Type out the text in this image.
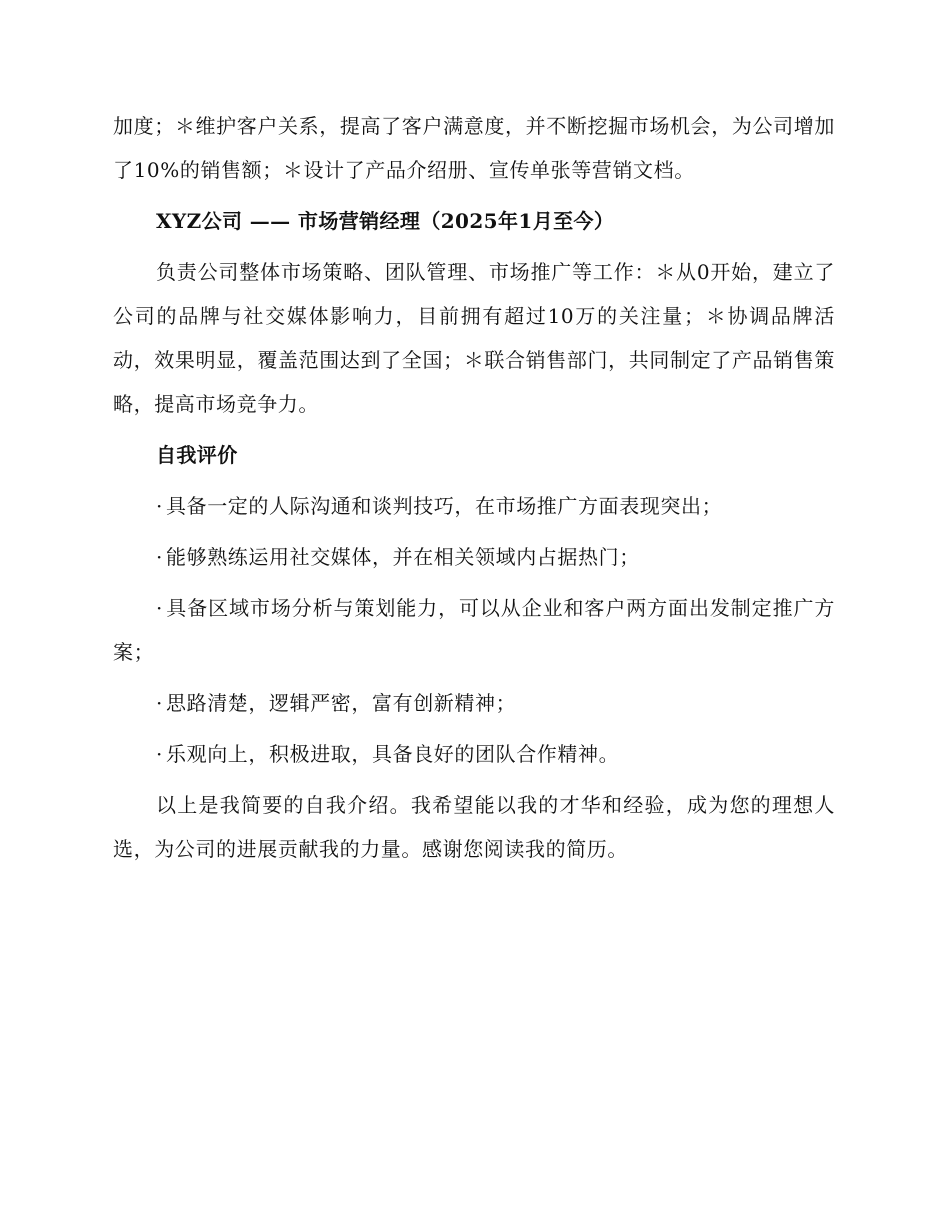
加度；＊维护客户关系，提高了客户满意度，并不断挖掘市场机会，为公司增加了10%的销售额；＊设计了产品介绍册、宣传单张等营销文档。

XYZ公司 —— 市场营销经理（2025年1月至今）

负责公司整体市场策略、团队管理、市场推广等工作：＊从0开始，建立了公司的品牌与社交媒体影响力，目前拥有超过10万的关注量；＊协调品牌活动，效果明显，覆盖范围达到了全国；＊联合销售部门，共同制定了产品销售策略，提高市场竞争力。

自我评价

· 具备一定的人际沟通和谈判技巧，在市场推广方面表现突出；

· 能够熟练运用社交媒体，并在相关领域内占据热门；

· 具备区域市场分析与策划能力，可以从企业和客户两方面出发制定推广方案；

· 思路清楚，逻辑严密，富有创新精神；

· 乐观向上，积极进取，具备良好的团队合作精神。

以上是我简要的自我介绍。我希望能以我的才华和经验，成为您的理想人选，为公司的进展贡献我的力量。感谢您阅读我的简历。
